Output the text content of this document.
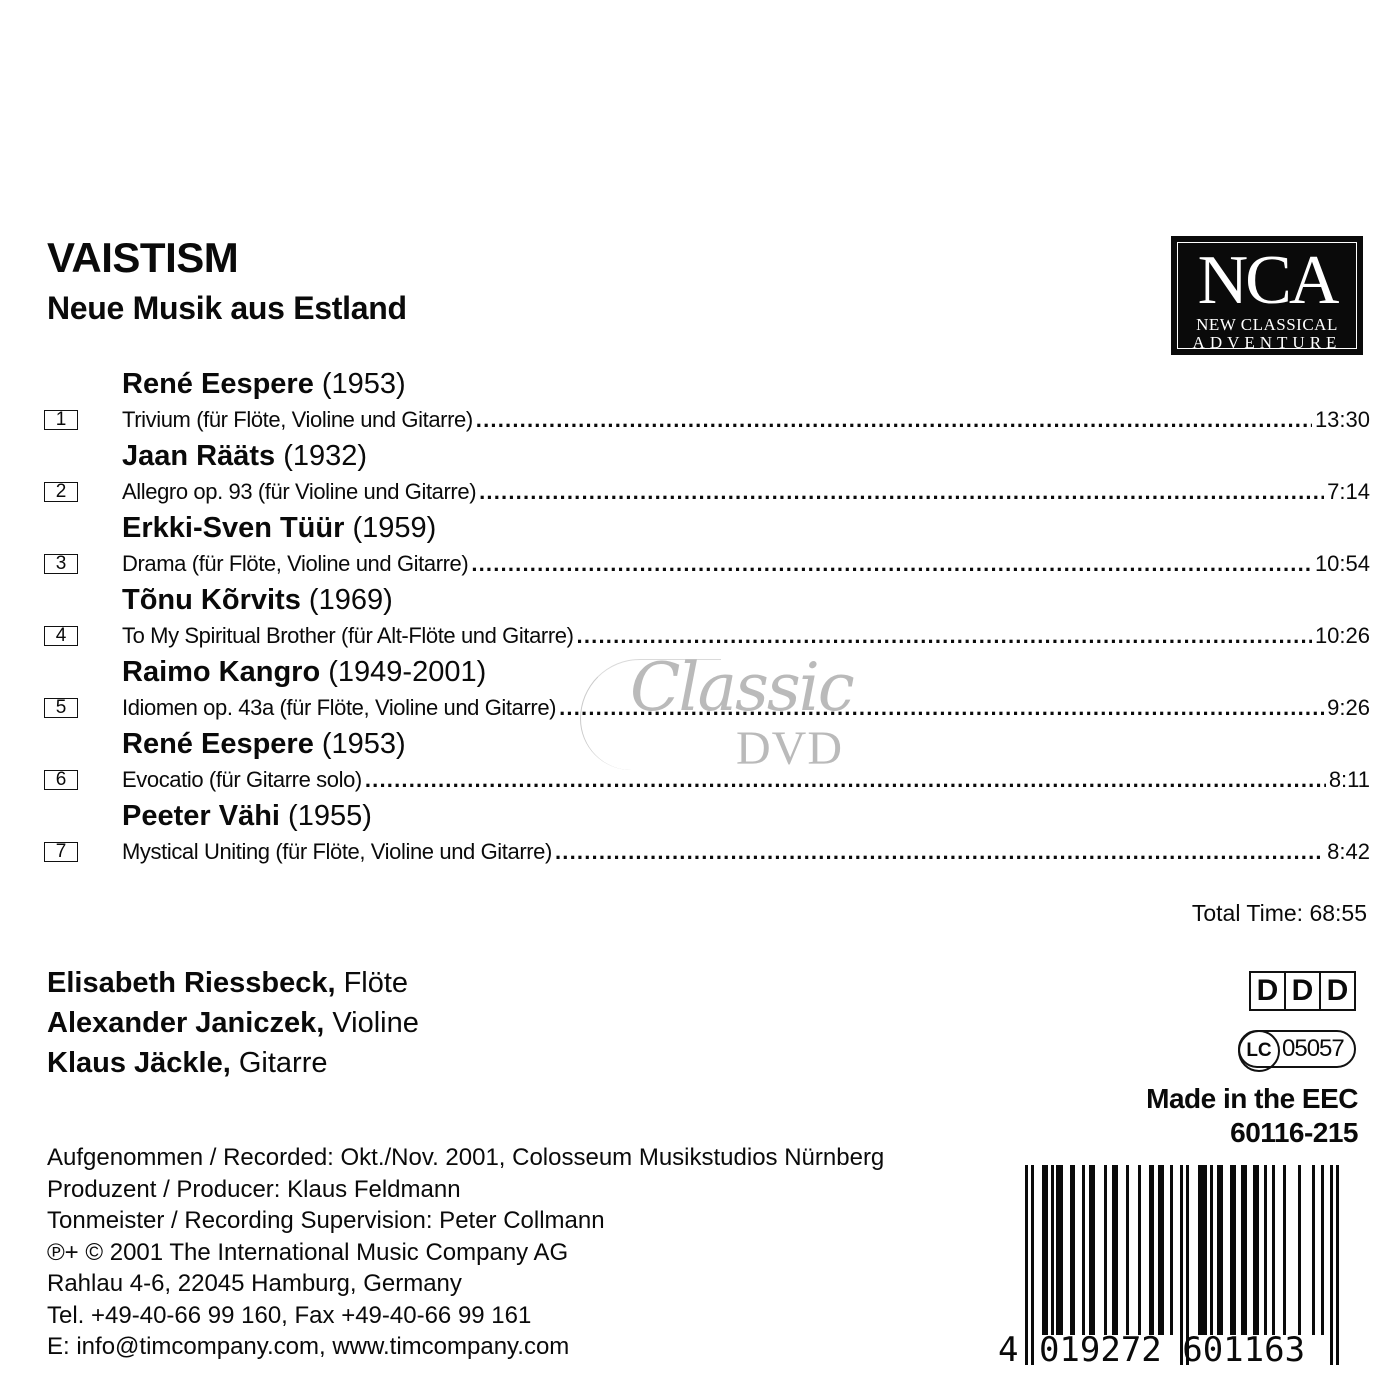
VAISTISM
Neue Musik aus Estland	NCA
NEW CLASSICAL
ADVENTURE
René Eespere (1953)
1	Trivium (für Flöte, Violine und Gitarre) .....	13:30
Jaan Rääts (1932)
2	Allegro op. 93 (für Violine und Gitarre) .....	7:14
Erkki-Sven Tüür (1959)
3	Drama (für Flöte, Violine und Gitarre) .....	10:54
Tõnu Kõrvits (1969)
4	To My Spiritual Brother (für Alt-Flöte und Gitarre) .....	10:26
Raimo Kangro (1949-2001)
5	Idiomen op. 43a (für Flöte, Violine und Gitarre) .....	9:26
René Eespere (1953)
6	Evocatio (für Gitarre solo) .....	8:11
Peeter Vähi (1955)
7	Mystical Uniting (für Flöte, Violine und Gitarre) .....	8:42
Classic
DVD
Total Time: 68:55
Elisabeth Riessbeck, Flöte
Alexander Janiczek, Violine
Klaus Jäckle, Gitarre
Aufgenommen / Recorded: Okt./Nov. 2001, Colosseum Musikstudios Nürnberg
Produzent / Producer: Klaus Feldmann
Tonmeister / Recording Supervision: Peter Collmann
℗+ © 2001 The International Music Company AG
Rahlau 4-6, 22045 Hamburg, Germany
Tel. +49-40-66 99 160, Fax +49-40-66 99 161
E: info@timcompany.com, www.timcompany.com
D D D
LC 05057
Made in the EEC
60116-215
4 019272 601163
